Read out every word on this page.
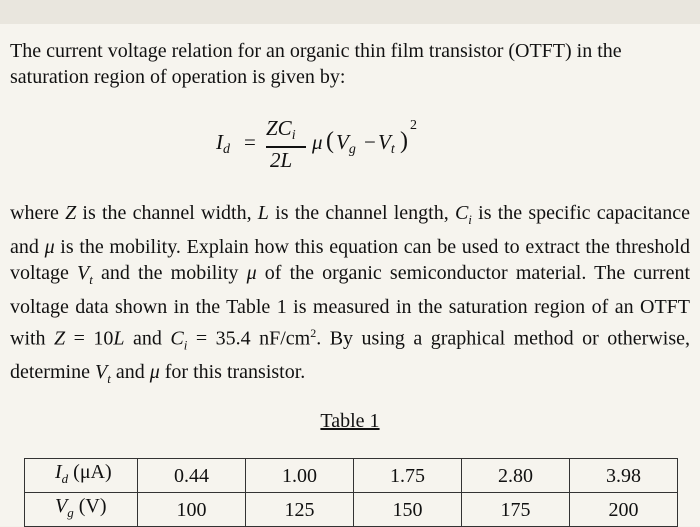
The current voltage relation for an organic thin film transistor (OTFT) in the saturation region of operation is given by:

Id =
ZCi
2L
μ ( Vg − Vt )
2

where Z is the channel width, L is the channel length, $C_i$ is the specific capacitance and μ is the mobility. Explain how this equation can be used to extract the threshold voltage $V_t$ and the mobility μ of the organic semiconductor material. The current voltage data shown in the Table 1 is measured in the saturation region of an OTFT with Z = 10L and $C_i = 35.4$ $nF/cm^2$. By using a graphical method or otherwise, determine $V_t$ and μ for this transistor.

Table 1
$I_d$ (μA)	0.44	1.00	1.75	2.80	3.98
$V_g$ (V)	100	125	150	175	200
